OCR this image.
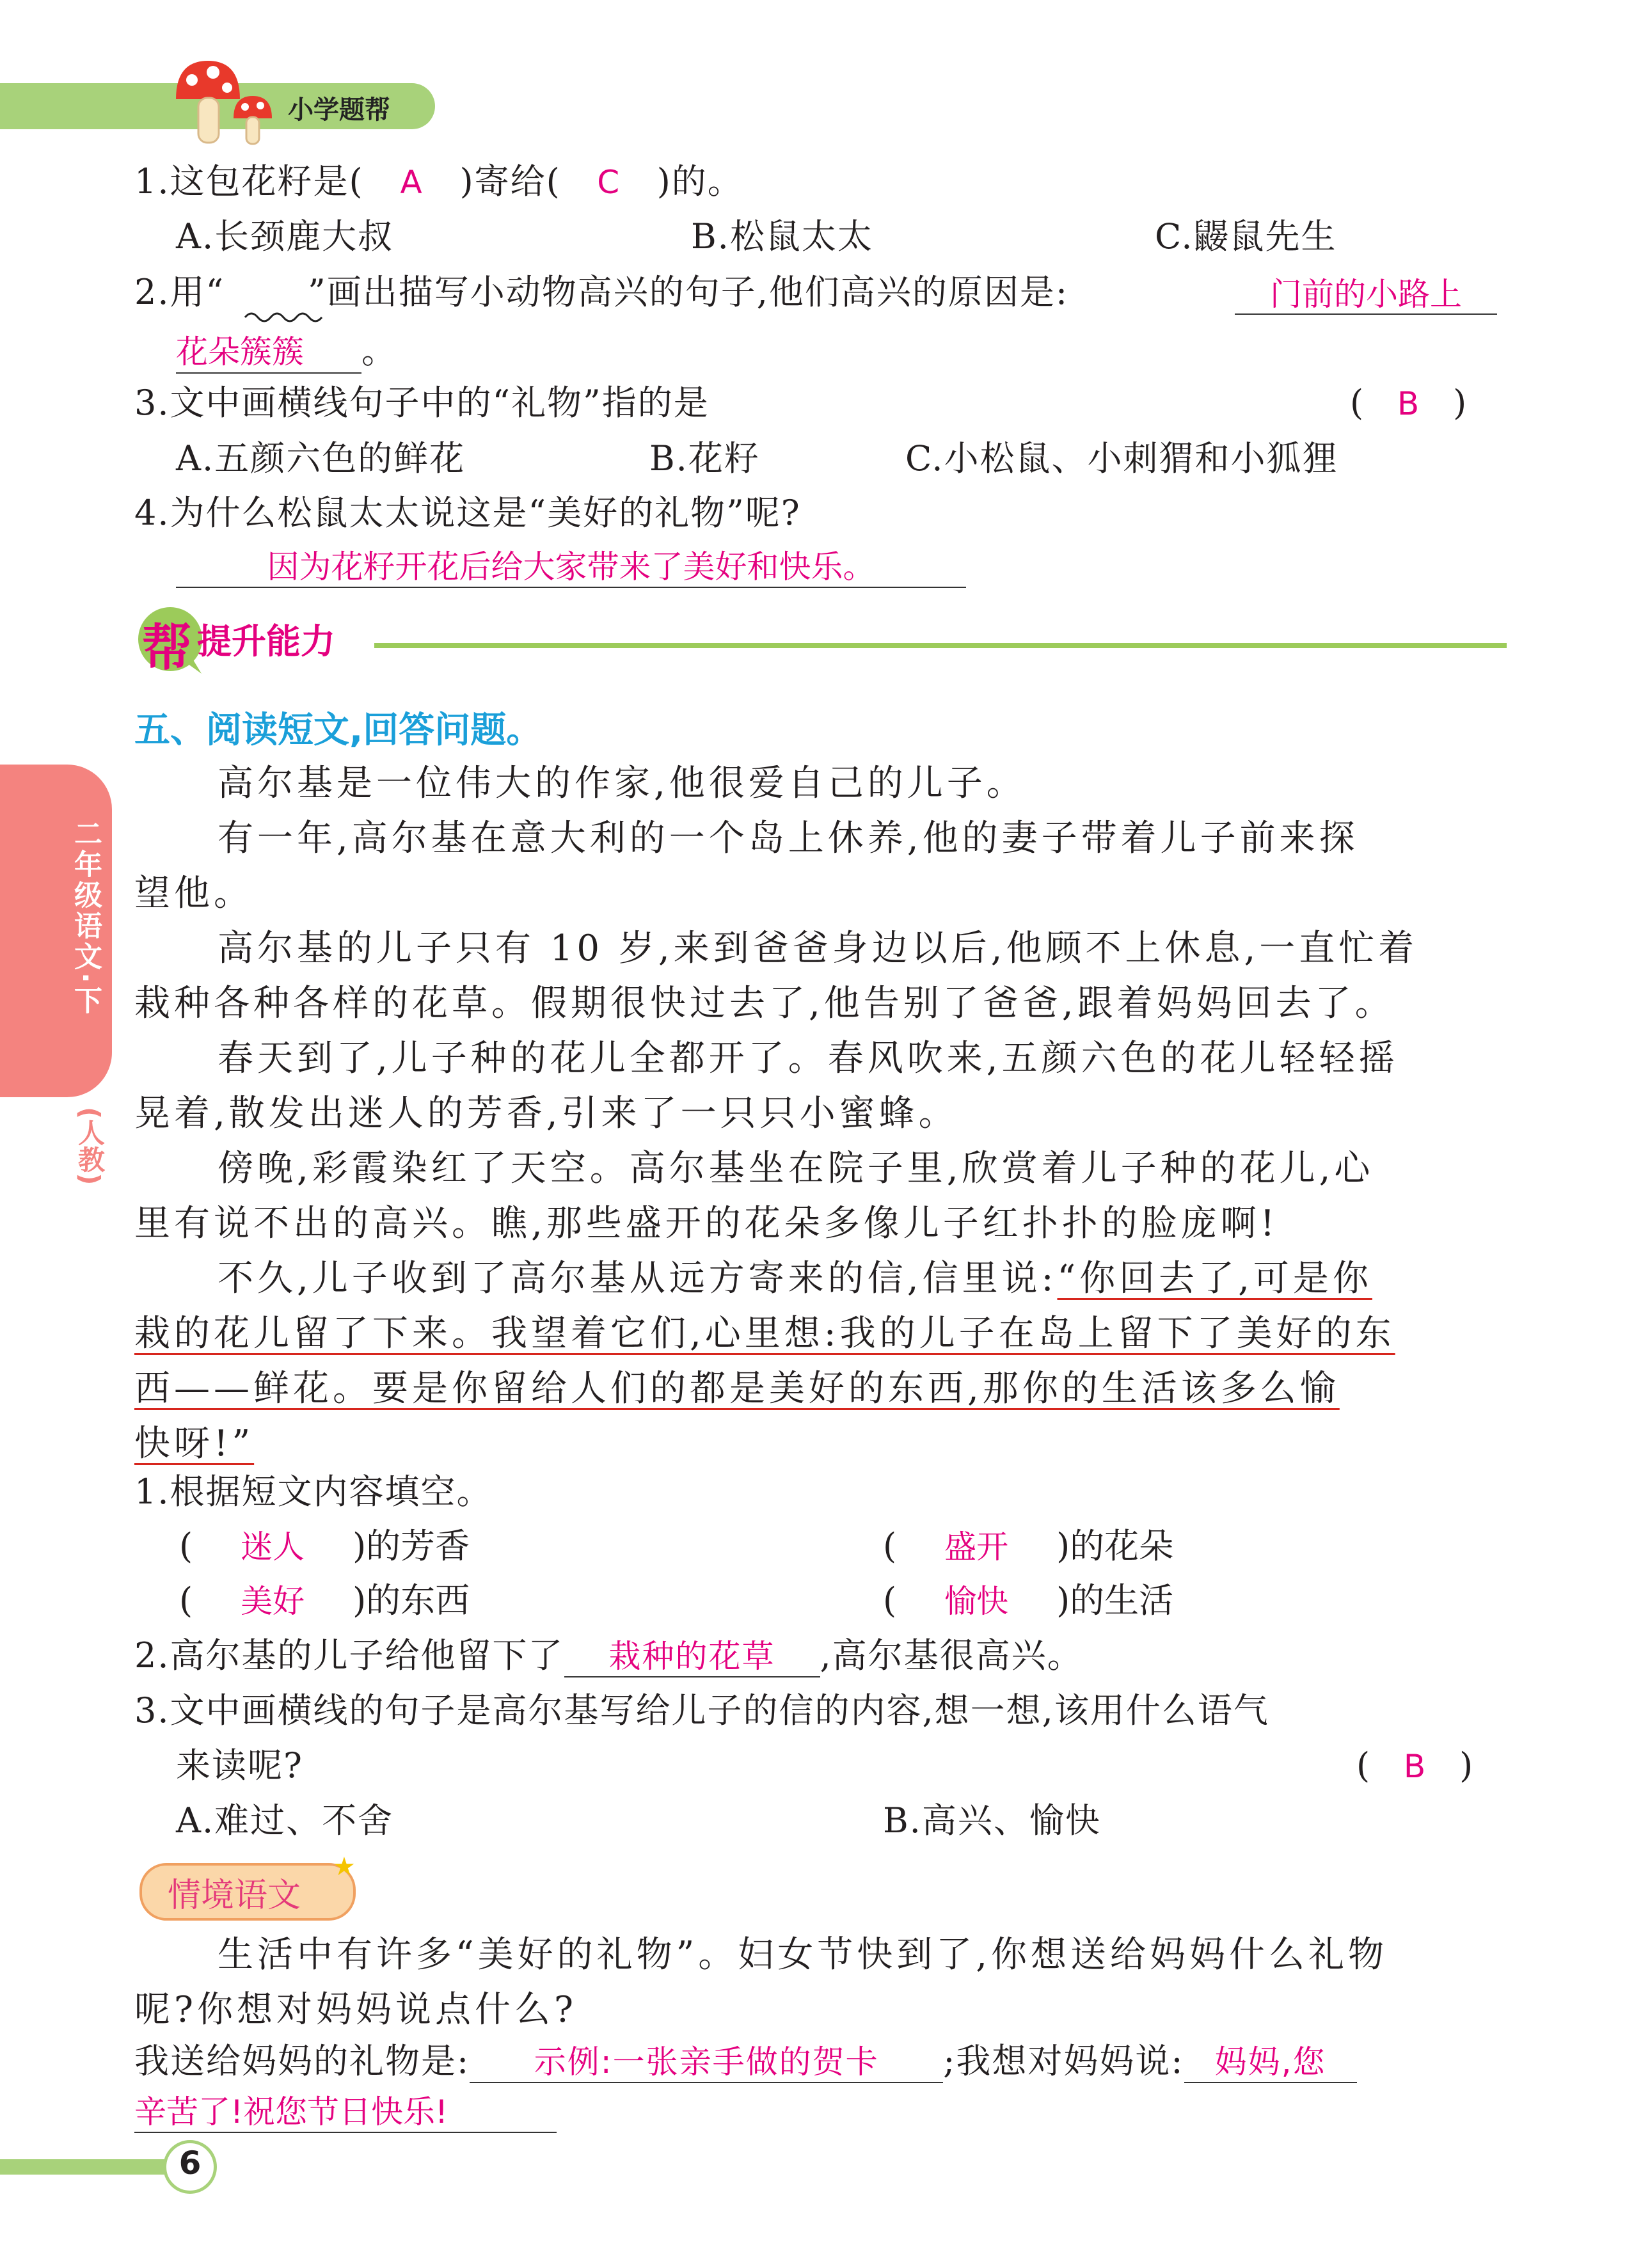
小学题帮
二年级语文·下
(人教)
1.这包花籽是( A )寄给( C )的。
A.长颈鹿大叔	B.松鼠太太	C.鼹鼠先生
2.用“ ”画出描写小动物高兴的句子,他们高兴的原因是:	门前的小路上
花朵簇簇 。
3.文中画横线句子中的“礼物”指的是	( B )
A.五颜六色的鲜花	B.花籽	C.小松鼠、小刺猬和小狐狸
4.为什么松鼠太太说这是“美好的礼物”呢?
因为花籽开花后给大家带来了美好和快乐。
帮 提升能力
五、阅读短文,回答问题。
高尔基是一位伟大的作家,他很爱自己的儿子。
有一年,高尔基在意大利的一个岛上休养,他的妻子带着儿子前来探
望他。
高尔基的儿子只有 10 岁,来到爸爸身边以后,他顾不上休息,一直忙着
栽种各种各样的花草。假期很快过去了,他告别了爸爸,跟着妈妈回去了。
春天到了,儿子种的花儿全都开了。春风吹来,五颜六色的花儿轻轻摇
晃着,散发出迷人的芳香,引来了一只只小蜜蜂。
傍晚,彩霞染红了天空。高尔基坐在院子里,欣赏着儿子种的花儿,心
里有说不出的高兴。瞧,那些盛开的花朵多像儿子红扑扑的脸庞啊!
不久,儿子收到了高尔基从远方寄来的信,信里说:“你回去了,可是你
栽的花儿留了下来。我望着它们,心里想:我的儿子在岛上留下了美好的东
西——鲜花。要是你留给人们的都是美好的东西,那你的生活该多么愉
快呀!”
1.根据短文内容填空。
( 迷人 )的芳香	( 盛开 )的花朵
( 美好 )的东西	( 愉快 )的生活
2.高尔基的儿子给他留下了 栽种的花草 ,高尔基很高兴。
3.文中画横线的句子是高尔基写给儿子的信的内容,想一想,该用什么语气
来读呢?	( B )
A.难过、不舍	B.高兴、愉快
★
情境语文
生活中有许多“美好的礼物”。妇女节快到了,你想送给妈妈什么礼物
呢?你想对妈妈说点什么?
我送给妈妈的礼物是: 示例:一张亲手做的贺卡 ;我想对妈妈说: 妈妈,您
辛苦了!祝您节日快乐!
6
